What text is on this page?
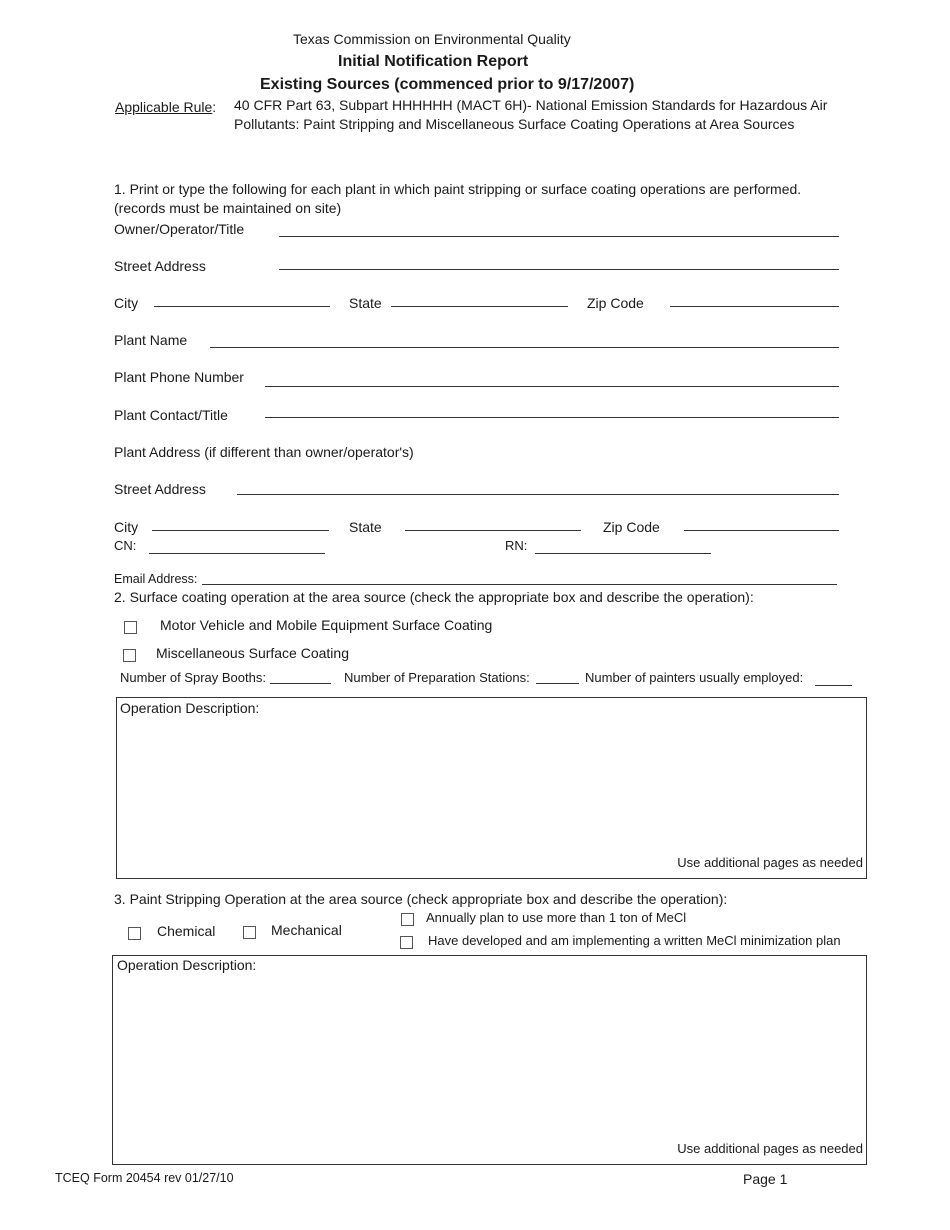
Texas Commission on Environmental Quality
Initial Notification Report
Existing Sources (commenced prior to 9/17/2007)
Applicable Rule: 40 CFR Part 63, Subpart HHHHHH (MACT 6H)- National Emission Standards for Hazardous Air
Pollutants: Paint Stripping and Miscellaneous Surface Coating Operations at Area Sources
1. Print or type the following for each plant in which paint stripping or surface coating operations are performed.
(records must be maintained on site)
Owner/Operator/Title
Street Address
City	State	Zip Code
Plant Name
Plant Phone Number
Plant Contact/Title
Plant Address (if different than owner/operator's)
Street Address
City	State	Zip Code
CN:	RN:
Email Address:
2. Surface coating operation at the area source (check the appropriate box and describe the operation):
Motor Vehicle and Mobile Equipment Surface Coating
Miscellaneous Surface Coating
Number of Spray Booths:	Number of Preparation Stations:	Number of painters usually employed:
Operation Description:
Use additional pages as needed
3. Paint Stripping Operation at the area source (check appropriate box and describe the operation):
Chemical	Mechanical
Annually plan to use more than 1 ton of MeCl
Have developed and am implementing a written MeCl minimization plan
Operation Description:
Use additional pages as needed
TCEQ Form 20454 rev 01/27/10	Page 1
